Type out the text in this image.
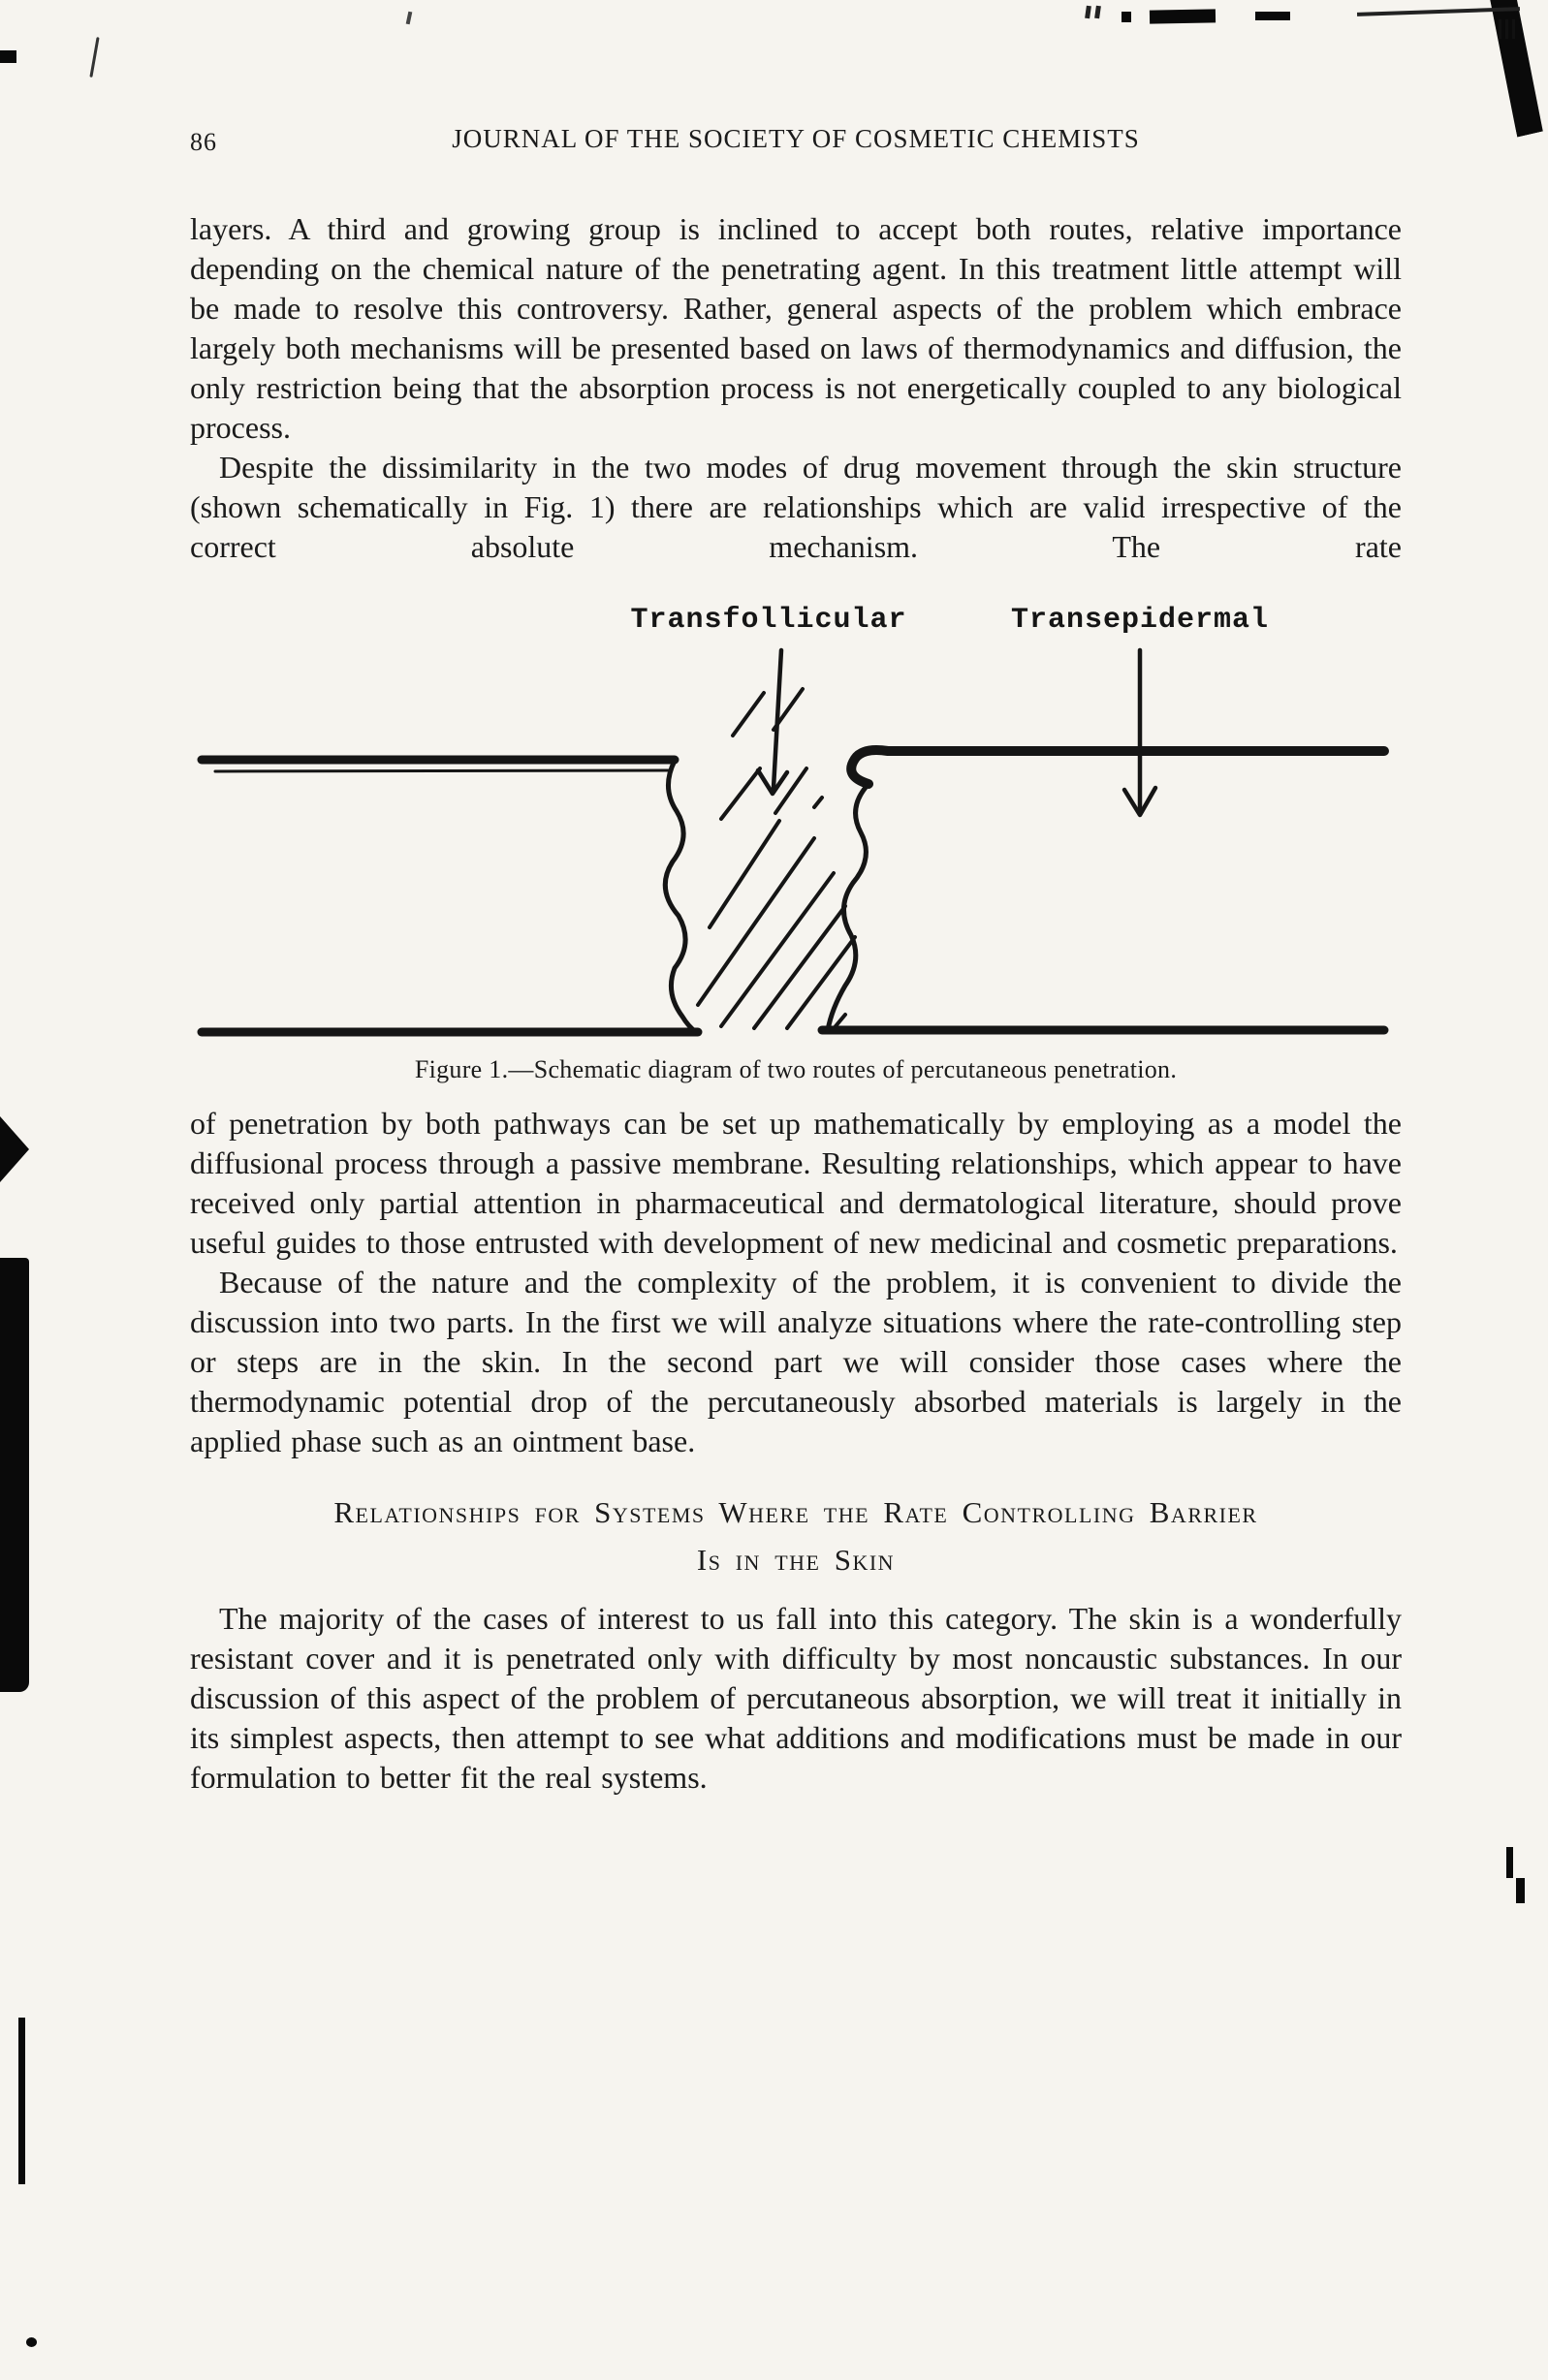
86	JOURNAL OF THE SOCIETY OF COSMETIC CHEMISTS

layers. A third and growing group is inclined to accept both routes, relative importance depending on the chemical nature of the penetrating agent. In this treatment little attempt will be made to resolve this controversy. Rather, general aspects of the problem which embrace largely both mechanisms will be presented based on laws of thermodynamics and diffusion, the only restriction being that the absorption process is not energetically coupled to any biological process.

Despite the dissimilarity in the two modes of drug movement through the skin structure (shown schematically in Fig. 1) there are relationships which are valid irrespective of the correct absolute mechanism. The rate

Transfollicular	Transepidermal
Figure 1.—Schematic diagram of two routes of percutaneous penetration.

of penetration by both pathways can be set up mathematically by employing as a model the diffusional process through a passive membrane. Resulting relationships, which appear to have received only partial attention in pharmaceutical and dermatological literature, should prove useful guides to those entrusted with development of new medicinal and cosmetic preparations.

Because of the nature and the complexity of the problem, it is convenient to divide the discussion into two parts. In the first we will analyze situations where the rate-controlling step or steps are in the skin. In the second part we will consider those cases where the thermodynamic potential drop of the percutaneously absorbed materials is largely in the applied phase such as an ointment base.

Relationships for Systems Where the Rate Controlling Barrier
Is in the Skin

The majority of the cases of interest to us fall into this category. The skin is a wonderfully resistant cover and it is penetrated only with difficulty by most noncaustic substances. In our discussion of this aspect of the problem of percutaneous absorption, we will treat it initially in its simplest aspects, then attempt to see what additions and modifications must be made in our formulation to better fit the real systems.
